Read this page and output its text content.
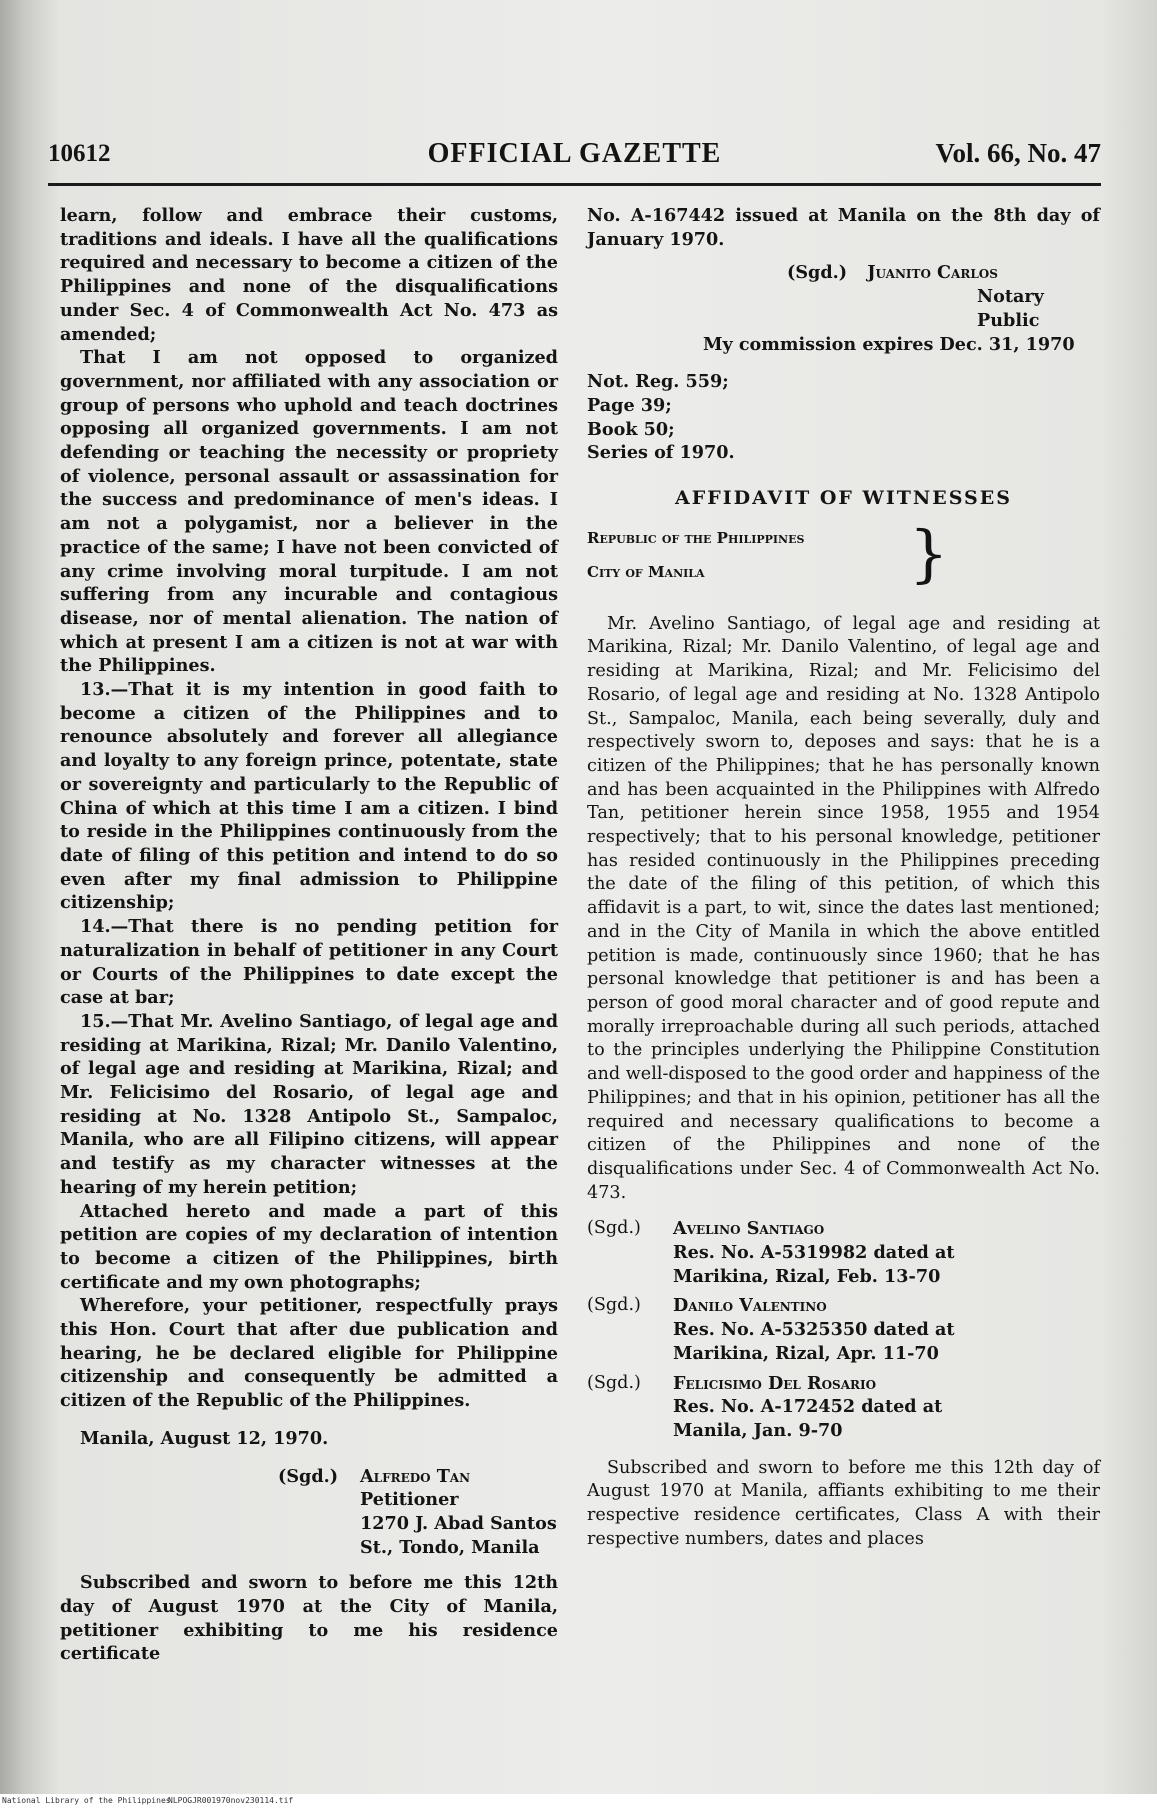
10612	OFFICIAL GAZETTE	Vol. 66, No. 47

learn, follow and embrace their customs, traditions and ideals. I have all the qualifications required and necessary to become a citizen of the Philippines and none of the disqualifications under Sec. 4 of Commonwealth Act No. 473 as amended;

That I am not opposed to organized government, nor affiliated with any association or group of persons who uphold and teach doctrines opposing all organized governments. I am not defending or teaching the necessity or propriety of violence, personal assault or assassination for the success and predominance of men's ideas. I am not a polygamist, nor a believer in the practice of the same; I have not been convicted of any crime involving moral turpitude. I am not suffering from any incurable and contagious disease, nor of mental alienation. The nation of which at present I am a citizen is not at war with the Philippines.

13.—That it is my intention in good faith to become a citizen of the Philippines and to renounce absolutely and forever all allegiance and loyalty to any foreign prince, potentate, state or sovereignty and particularly to the Republic of China of which at this time I am a citizen. I bind to reside in the Philippines continuously from the date of filing of this petition and intend to do so even after my final admission to Philippine citizenship;

14.—That there is no pending petition for naturalization in behalf of petitioner in any Court or Courts of the Philippines to date except the case at bar;

15.—That Mr. Avelino Santiago, of legal age and residing at Marikina, Rizal; Mr. Danilo Valentino, of legal age and residing at Marikina, Rizal; and Mr. Felicisimo del Rosario, of legal age and residing at No. 1328 Antipolo St., Sampaloc, Manila, who are all Filipino citizens, will appear and testify as my character witnesses at the hearing of my herein petition;

Attached hereto and made a part of this petition are copies of my declaration of intention to become a citizen of the Philippines, birth certificate and my own photographs;

Wherefore, your petitioner, respectfully prays this Hon. Court that after due publication and hearing, he be declared eligible for Philippine citizenship and consequently be admitted a citizen of the Republic of the Philippines.

Manila, August 12, 1970.

(Sgd.)	Alfredo Tan
Petitioner
1270 J. Abad Santos
St., Tondo, Manila

Subscribed and sworn to before me this 12th day of August 1970 at the City of Manila, petitioner exhibiting to me his residence certificate

No. A-167442 issued at Manila on the 8th day of January 1970.

(Sgd.) Juanito Carlos
Notary Public
My commission expires Dec. 31, 1970
Not. Reg. 559;
Page 39;
Book 50;
Series of 1970.
AFFIDAVIT OF WITNESSES
Republic of the Philippines
City of Manila	}

Mr. Avelino Santiago, of legal age and residing at Marikina, Rizal; Mr. Danilo Valentino, of legal age and residing at Marikina, Rizal; and Mr. Felicisimo del Rosario, of legal age and residing at No. 1328 Antipolo St., Sampaloc, Manila, each being severally, duly and respectively sworn to, deposes and says: that he is a citizen of the Philippines; that he has personally known and has been acquainted in the Philippines with Alfredo Tan, petitioner herein since 1958, 1955 and 1954 respectively; that to his personal knowledge, petitioner has resided continuously in the Philippines preceding the date of the filing of this petition, of which this affidavit is a part, to wit, since the dates last mentioned; and in the City of Manila in which the above entitled petition is made, continuously since 1960; that he has personal knowledge that petitioner is and has been a person of good moral character and of good repute and morally irreproachable during all such periods, attached to the principles underlying the Philippine Constitution and well-disposed to the good order and happiness of the Philippines; and that in his opinion, petitioner has all the required and necessary qualifications to become a citizen of the Philippines and none of the disqualifications under Sec. 4 of Commonwealth Act No. 473.

(Sgd.)	Avelino Santiago
Res. No. A-5319982 dated at
Marikina, Rizal, Feb. 13-70
(Sgd.)	Danilo Valentino
Res. No. A-5325350 dated at
Marikina, Rizal, Apr. 11-70
(Sgd.)	Felicisimo Del Rosario
Res. No. A-172452 dated at
Manila, Jan. 9-70

Subscribed and sworn to before me this 12th day of August 1970 at Manila, affiants exhibiting to me their respective residence certificates, Class A with their respective numbers, dates and places

National Library of the Philippines
NLPOGJR001970nov230114.tif
